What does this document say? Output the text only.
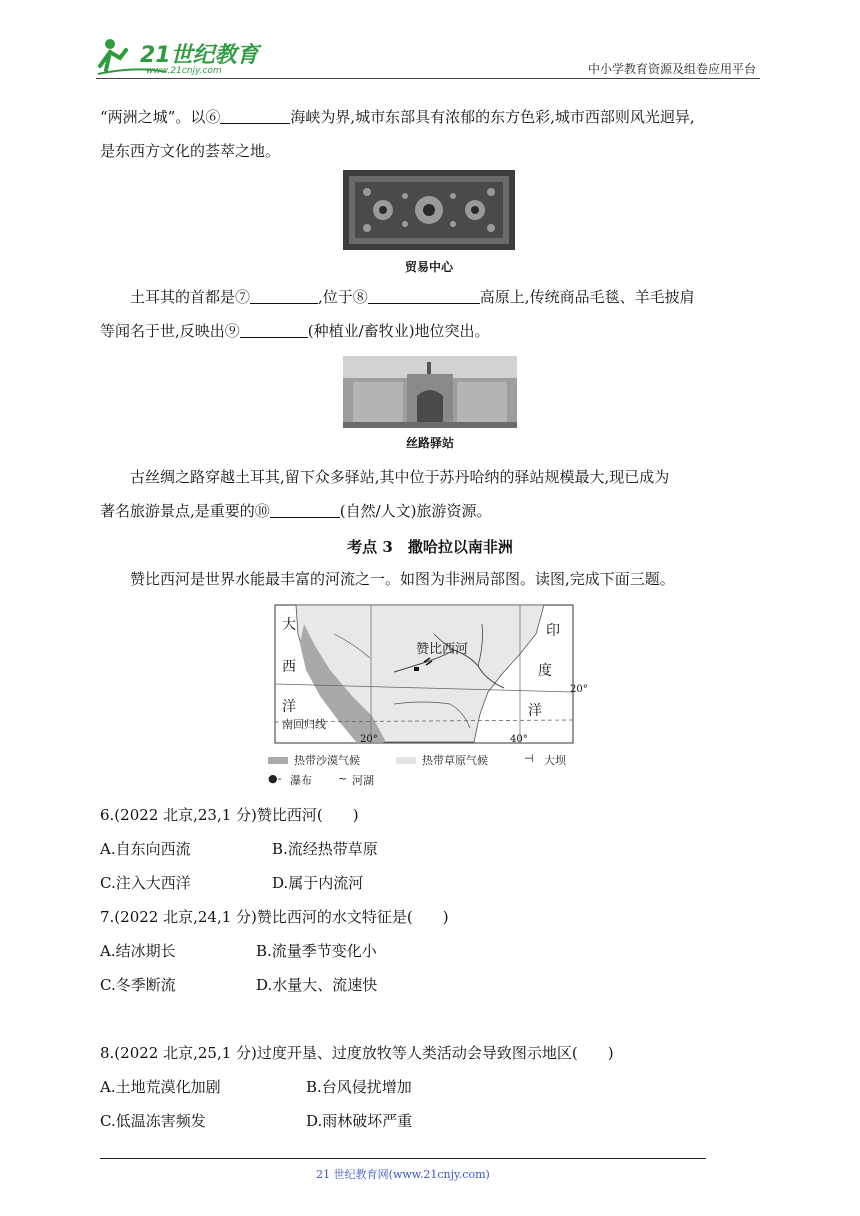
21世纪教育
www.21cnjy.com	中小学教育资源及组卷应用平台
“两洲之城”。以⑥	海峡为界,城市东部具有浓郁的东方色彩,城市西部则风光迥异,
是东西方文化的荟萃之地。
贸易中心
土耳其的首都是⑦	,位于⑧	高原上,传统商品毛毯、羊毛披肩

等闻名于世,反映出⑨	(种植业/畜牧业)地位突出。
丝路驿站
古丝绸之路穿越土耳其,留下众多驿站,其中位于苏丹哈纳的驿站规模最大,现已成为
著名旅游景点,是重要的⑩	(自然/人文)旅游资源。
考点 3　撒哈拉以南非洲
赞比西河是世界水能最丰富的河流之一。如图为非洲局部图。读图,完成下面三题。
大
西
洋
印
度
洋
赞比西河
南回归线
20°
20°	40°
热带沙漠气候	热带草原气候	⊣ 大坝
●- 瀑布 ~ 河湖
6.(2022 北京,23,1 分)赞比西河(　　)
A.自东向西流	B.流经热带草原
C.注入大西洋	D.属于内流河
7.(2022 北京,24,1 分)赞比西河的水文特征是(　　)
A.结冰期长	B.流量季节变化小
C.冬季断流	D.水量大、流速快
8.(2022 北京,25,1 分)过度开垦、过度放牧等人类活动会导致图示地区(　　)
A.土地荒漠化加剧	B.台风侵扰增加
C.低温冻害频发	D.雨林破坏严重
21 世纪教育网(www.21cnjy.com)
